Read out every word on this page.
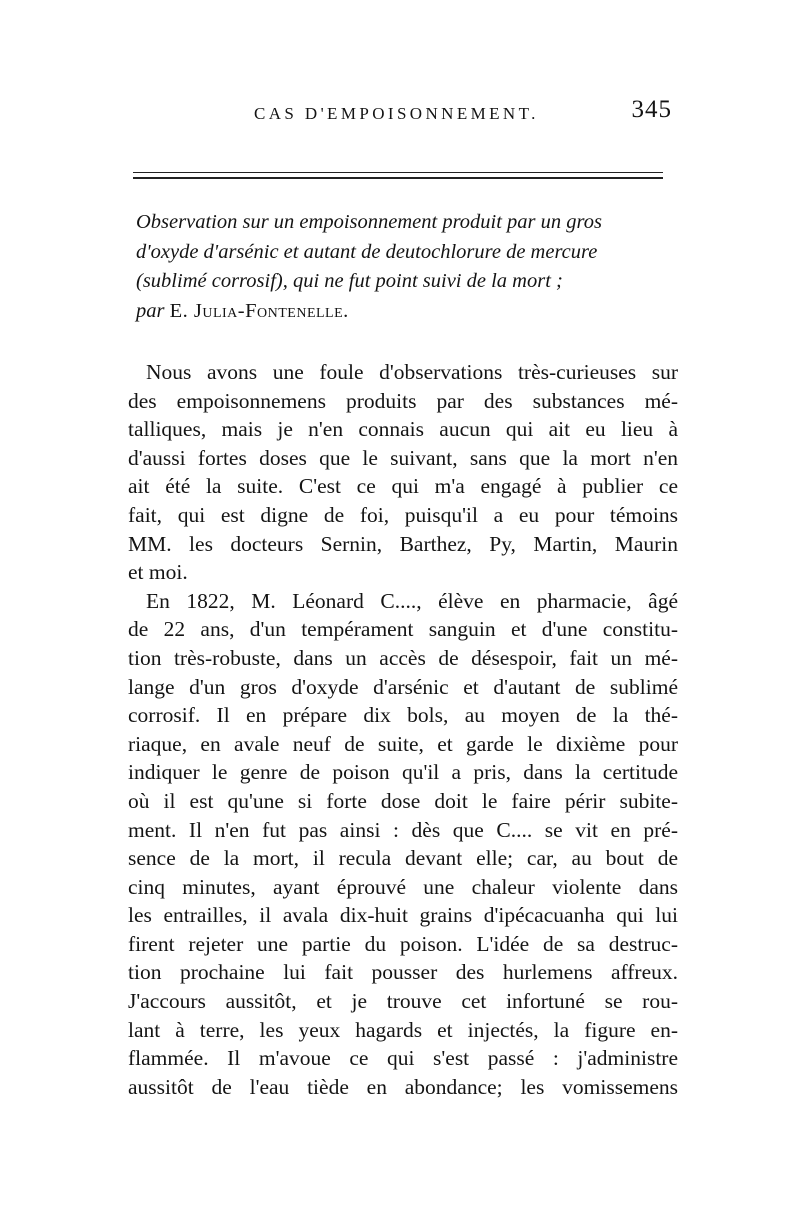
CAS D'EMPOISONNEMENT.	345
Observation sur un empoisonnement produit par un gros
d'oxyde d'arsénic et autant de deutochlorure de mercure
(sublimé corrosif), qui ne fut point suivi de la mort ;
par E. Julia-Fontenelle.
Nous avons une foule d'observations très-curieuses sur
des empoisonnemens produits par des substances mé-
talliques, mais je n'en connais aucun qui ait eu lieu à
d'aussi fortes doses que le suivant, sans que la mort n'en
ait été la suite. C'est ce qui m'a engagé à publier ce
fait, qui est digne de foi, puisqu'il a eu pour témoins
MM. les docteurs Sernin, Barthez, Py, Martin, Maurin
et moi.
En 1822, M. Léonard C...., élève en pharmacie, âgé
de 22 ans, d'un tempérament sanguin et d'une constitu-
tion très-robuste, dans un accès de désespoir, fait un mé-
lange d'un gros d'oxyde d'arsénic et d'autant de sublimé
corrosif. Il en prépare dix bols, au moyen de la thé-
riaque, en avale neuf de suite, et garde le dixième pour
indiquer le genre de poison qu'il a pris, dans la certitude
où il est qu'une si forte dose doit le faire périr subite-
ment. Il n'en fut pas ainsi : dès que C.... se vit en pré-
sence de la mort, il recula devant elle; car, au bout de
cinq minutes, ayant éprouvé une chaleur violente dans
les entrailles, il avala dix-huit grains d'ipécacuanha qui lui
firent rejeter une partie du poison. L'idée de sa destruc-
tion prochaine lui fait pousser des hurlemens affreux.
J'accours aussitôt, et je trouve cet infortuné se rou-
lant à terre, les yeux hagards et injectés, la figure en-
flammée. Il m'avoue ce qui s'est passé : j'administre
aussitôt de l'eau tiède en abondance; les vomissemens
